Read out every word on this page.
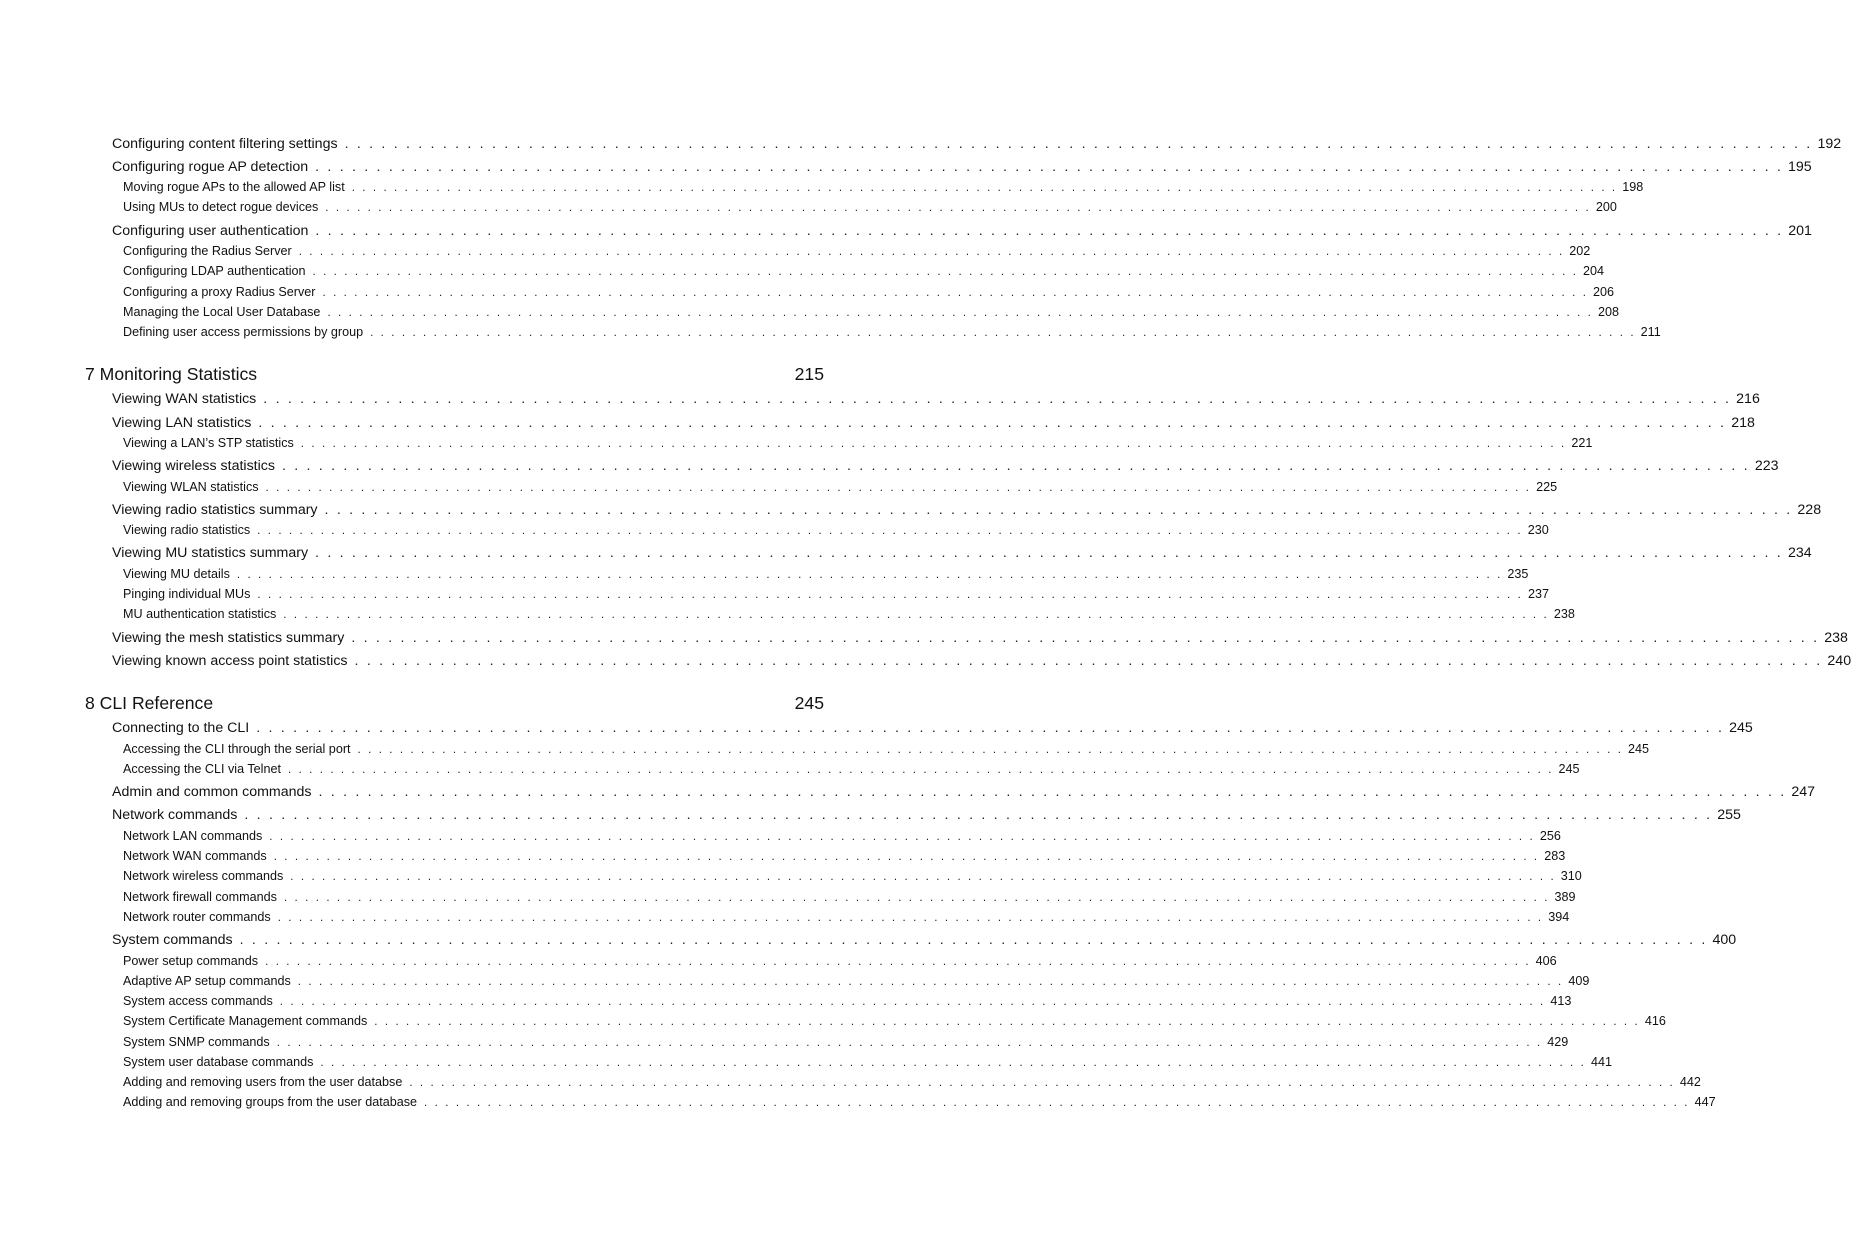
Configuring content filtering settings . . . . . . . . . . . . . . . . . . . . . . . . . . . . . . . . . . . . . . . . . . . . . . . . . . . . . . . . . . . . . . . . . . . . . . . . . . . . . . . . . . . . . . . . . . . . . . . . . . . . . . . . . . . . . . . . . . . . . . . . 192
Configuring rogue AP detection . . . . . . . . . . . . . . . . . . . . . . . . . . . . . . . . . . . . . . . . . . . . . . . . . . . . . . . . . . . . . . . . . . . . . . . . . . . . . . . . . . . . . . . . . . . . . . . . . . . . . . . . . . . . . . . . . . . . . . . . 195
Moving rogue APs to the allowed AP list . . . . . . . . . . . . . . . . . . . . . . . . . . . . . . . . . . . . . . . . . . . . . . . . . . . . . . . . . . . . . . . . . . . . . . . . . . . . . . . . . . . . . . . . . . . . . . . . . . . . . . . . . . . . . . . . . . . . . . . . 198
Using MUs to detect rogue devices . . . . . . . . . . . . . . . . . . . . . . . . . . . . . . . . . . . . . . . . . . . . . . . . . . . . . . . . . . . . . . . . . . . . . . . . . . . . . . . . . . . . . . . . . . . . . . . . . . . . . . . . . . . . . . . . . . . . . . . . 200
Configuring user authentication . . . . . . . . . . . . . . . . . . . . . . . . . . . . . . . . . . . . . . . . . . . . . . . . . . . . . . . . . . . . . . . . . . . . . . . . . . . . . . . . . . . . . . . . . . . . . . . . . . . . . . . . . . . . . . . . . . . . . . . . 201
Configuring the Radius Server . . . . . . . . . . . . . . . . . . . . . . . . . . . . . . . . . . . . . . . . . . . . . . . . . . . . . . . . . . . . . . . . . . . . . . . . . . . . . . . . . . . . . . . . . . . . . . . . . . . . . . . . . . . . . . . . . . . . . . . . 202
Configuring LDAP authentication . . . . . . . . . . . . . . . . . . . . . . . . . . . . . . . . . . . . . . . . . . . . . . . . . . . . . . . . . . . . . . . . . . . . . . . . . . . . . . . . . . . . . . . . . . . . . . . . . . . . . . . . . . . . . . . . . . . . . . . . 204
Configuring a proxy Radius Server . . . . . . . . . . . . . . . . . . . . . . . . . . . . . . . . . . . . . . . . . . . . . . . . . . . . . . . . . . . . . . . . . . . . . . . . . . . . . . . . . . . . . . . . . . . . . . . . . . . . . . . . . . . . . . . . . . . . . . . . 206
Managing the Local User Database . . . . . . . . . . . . . . . . . . . . . . . . . . . . . . . . . . . . . . . . . . . . . . . . . . . . . . . . . . . . . . . . . . . . . . . . . . . . . . . . . . . . . . . . . . . . . . . . . . . . . . . . . . . . . . . . . . . . . . . . 208
Defining user access permissions by group . . . . . . . . . . . . . . . . . . . . . . . . . . . . . . . . . . . . . . . . . . . . . . . . . . . . . . . . . . . . . . . . . . . . . . . . . . . . . . . . . . . . . . . . . . . . . . . . . . . . . . . . . . . . . . . . . . . . . . . . 211
7 Monitoring Statistics	215
Viewing WAN statistics . . . . . . . . . . . . . . . . . . . . . . . . . . . . . . . . . . . . . . . . . . . . . . . . . . . . . . . . . . . . . . . . . . . . . . . . . . . . . . . . . . . . . . . . . . . . . . . . . . . . . . . . . . . . . . . . . . . . . . . . 216
Viewing LAN statistics . . . . . . . . . . . . . . . . . . . . . . . . . . . . . . . . . . . . . . . . . . . . . . . . . . . . . . . . . . . . . . . . . . . . . . . . . . . . . . . . . . . . . . . . . . . . . . . . . . . . . . . . . . . . . . . . . . . . . . . . 218
Viewing a LAN’s STP statistics . . . . . . . . . . . . . . . . . . . . . . . . . . . . . . . . . . . . . . . . . . . . . . . . . . . . . . . . . . . . . . . . . . . . . . . . . . . . . . . . . . . . . . . . . . . . . . . . . . . . . . . . . . . . . . . . . . . . . . . . 221
Viewing wireless statistics . . . . . . . . . . . . . . . . . . . . . . . . . . . . . . . . . . . . . . . . . . . . . . . . . . . . . . . . . . . . . . . . . . . . . . . . . . . . . . . . . . . . . . . . . . . . . . . . . . . . . . . . . . . . . . . . . . . . . . . . 223
Viewing WLAN statistics . . . . . . . . . . . . . . . . . . . . . . . . . . . . . . . . . . . . . . . . . . . . . . . . . . . . . . . . . . . . . . . . . . . . . . . . . . . . . . . . . . . . . . . . . . . . . . . . . . . . . . . . . . . . . . . . . . . . . . . . 225
Viewing radio statistics summary . . . . . . . . . . . . . . . . . . . . . . . . . . . . . . . . . . . . . . . . . . . . . . . . . . . . . . . . . . . . . . . . . . . . . . . . . . . . . . . . . . . . . . . . . . . . . . . . . . . . . . . . . . . . . . . . . . . . . . . . 228
Viewing radio statistics . . . . . . . . . . . . . . . . . . . . . . . . . . . . . . . . . . . . . . . . . . . . . . . . . . . . . . . . . . . . . . . . . . . . . . . . . . . . . . . . . . . . . . . . . . . . . . . . . . . . . . . . . . . . . . . . . . . . . . . . 230
Viewing MU statistics summary . . . . . . . . . . . . . . . . . . . . . . . . . . . . . . . . . . . . . . . . . . . . . . . . . . . . . . . . . . . . . . . . . . . . . . . . . . . . . . . . . . . . . . . . . . . . . . . . . . . . . . . . . . . . . . . . . . . . . . . . 234
Viewing MU details . . . . . . . . . . . . . . . . . . . . . . . . . . . . . . . . . . . . . . . . . . . . . . . . . . . . . . . . . . . . . . . . . . . . . . . . . . . . . . . . . . . . . . . . . . . . . . . . . . . . . . . . . . . . . . . . . . . . . . . . 235
Pinging individual MUs . . . . . . . . . . . . . . . . . . . . . . . . . . . . . . . . . . . . . . . . . . . . . . . . . . . . . . . . . . . . . . . . . . . . . . . . . . . . . . . . . . . . . . . . . . . . . . . . . . . . . . . . . . . . . . . . . . . . . . . . 237
MU authentication statistics . . . . . . . . . . . . . . . . . . . . . . . . . . . . . . . . . . . . . . . . . . . . . . . . . . . . . . . . . . . . . . . . . . . . . . . . . . . . . . . . . . . . . . . . . . . . . . . . . . . . . . . . . . . . . . . . . . . . . . . . 238
Viewing the mesh statistics summary . . . . . . . . . . . . . . . . . . . . . . . . . . . . . . . . . . . . . . . . . . . . . . . . . . . . . . . . . . . . . . . . . . . . . . . . . . . . . . . . . . . . . . . . . . . . . . . . . . . . . . . . . . . . . . . . . . . . . . . . 238
Viewing known access point statistics . . . . . . . . . . . . . . . . . . . . . . . . . . . . . . . . . . . . . . . . . . . . . . . . . . . . . . . . . . . . . . . . . . . . . . . . . . . . . . . . . . . . . . . . . . . . . . . . . . . . . . . . . . . . . . . . . . . . . . . . 240
8 CLI Reference	245
Connecting to the CLI . . . . . . . . . . . . . . . . . . . . . . . . . . . . . . . . . . . . . . . . . . . . . . . . . . . . . . . . . . . . . . . . . . . . . . . . . . . . . . . . . . . . . . . . . . . . . . . . . . . . . . . . . . . . . . . . . . . . . . . . 245
Accessing the CLI through the serial port . . . . . . . . . . . . . . . . . . . . . . . . . . . . . . . . . . . . . . . . . . . . . . . . . . . . . . . . . . . . . . . . . . . . . . . . . . . . . . . . . . . . . . . . . . . . . . . . . . . . . . . . . . . . . . . . . . . . . . . . 245
Accessing the CLI via Telnet . . . . . . . . . . . . . . . . . . . . . . . . . . . . . . . . . . . . . . . . . . . . . . . . . . . . . . . . . . . . . . . . . . . . . . . . . . . . . . . . . . . . . . . . . . . . . . . . . . . . . . . . . . . . . . . . . . . . . . . . 245
Admin and common commands . . . . . . . . . . . . . . . . . . . . . . . . . . . . . . . . . . . . . . . . . . . . . . . . . . . . . . . . . . . . . . . . . . . . . . . . . . . . . . . . . . . . . . . . . . . . . . . . . . . . . . . . . . . . . . . . . . . . . . . . 247
Network commands . . . . . . . . . . . . . . . . . . . . . . . . . . . . . . . . . . . . . . . . . . . . . . . . . . . . . . . . . . . . . . . . . . . . . . . . . . . . . . . . . . . . . . . . . . . . . . . . . . . . . . . . . . . . . . . . . . . . . . . . 255
Network LAN commands . . . . . . . . . . . . . . . . . . . . . . . . . . . . . . . . . . . . . . . . . . . . . . . . . . . . . . . . . . . . . . . . . . . . . . . . . . . . . . . . . . . . . . . . . . . . . . . . . . . . . . . . . . . . . . . . . . . . . . . . 256
Network WAN commands . . . . . . . . . . . . . . . . . . . . . . . . . . . . . . . . . . . . . . . . . . . . . . . . . . . . . . . . . . . . . . . . . . . . . . . . . . . . . . . . . . . . . . . . . . . . . . . . . . . . . . . . . . . . . . . . . . . . . . . . 283
Network wireless commands . . . . . . . . . . . . . . . . . . . . . . . . . . . . . . . . . . . . . . . . . . . . . . . . . . . . . . . . . . . . . . . . . . . . . . . . . . . . . . . . . . . . . . . . . . . . . . . . . . . . . . . . . . . . . . . . . . . . . . . . 310
Network firewall commands . . . . . . . . . . . . . . . . . . . . . . . . . . . . . . . . . . . . . . . . . . . . . . . . . . . . . . . . . . . . . . . . . . . . . . . . . . . . . . . . . . . . . . . . . . . . . . . . . . . . . . . . . . . . . . . . . . . . . . . . 389
Network router commands . . . . . . . . . . . . . . . . . . . . . . . . . . . . . . . . . . . . . . . . . . . . . . . . . . . . . . . . . . . . . . . . . . . . . . . . . . . . . . . . . . . . . . . . . . . . . . . . . . . . . . . . . . . . . . . . . . . . . . . . 394
System commands . . . . . . . . . . . . . . . . . . . . . . . . . . . . . . . . . . . . . . . . . . . . . . . . . . . . . . . . . . . . . . . . . . . . . . . . . . . . . . . . . . . . . . . . . . . . . . . . . . . . . . . . . . . . . . . . . . . . . . . . 400
Power setup commands . . . . . . . . . . . . . . . . . . . . . . . . . . . . . . . . . . . . . . . . . . . . . . . . . . . . . . . . . . . . . . . . . . . . . . . . . . . . . . . . . . . . . . . . . . . . . . . . . . . . . . . . . . . . . . . . . . . . . . . . 406
Adaptive AP setup commands . . . . . . . . . . . . . . . . . . . . . . . . . . . . . . . . . . . . . . . . . . . . . . . . . . . . . . . . . . . . . . . . . . . . . . . . . . . . . . . . . . . . . . . . . . . . . . . . . . . . . . . . . . . . . . . . . . . . . . . . 409
System access commands . . . . . . . . . . . . . . . . . . . . . . . . . . . . . . . . . . . . . . . . . . . . . . . . . . . . . . . . . . . . . . . . . . . . . . . . . . . . . . . . . . . . . . . . . . . . . . . . . . . . . . . . . . . . . . . . . . . . . . . . 413
System Certificate Management commands . . . . . . . . . . . . . . . . . . . . . . . . . . . . . . . . . . . . . . . . . . . . . . . . . . . . . . . . . . . . . . . . . . . . . . . . . . . . . . . . . . . . . . . . . . . . . . . . . . . . . . . . . . . . . . . . . . . . . . . . 416
System SNMP commands . . . . . . . . . . . . . . . . . . . . . . . . . . . . . . . . . . . . . . . . . . . . . . . . . . . . . . . . . . . . . . . . . . . . . . . . . . . . . . . . . . . . . . . . . . . . . . . . . . . . . . . . . . . . . . . . . . . . . . . . 429
System user database commands . . . . . . . . . . . . . . . . . . . . . . . . . . . . . . . . . . . . . . . . . . . . . . . . . . . . . . . . . . . . . . . . . . . . . . . . . . . . . . . . . . . . . . . . . . . . . . . . . . . . . . . . . . . . . . . . . . . . . . . . 441
Adding and removing users from the user databse . . . . . . . . . . . . . . . . . . . . . . . . . . . . . . . . . . . . . . . . . . . . . . . . . . . . . . . . . . . . . . . . . . . . . . . . . . . . . . . . . . . . . . . . . . . . . . . . . . . . . . . . . . . . . . . . . . . . . . . . 442
Adding and removing groups from the user database . . . . . . . . . . . . . . . . . . . . . . . . . . . . . . . . . . . . . . . . . . . . . . . . . . . . . . . . . . . . . . . . . . . . . . . . . . . . . . . . . . . . . . . . . . . . . . . . . . . . . . . . . . . . . . . . . . . . . . . . 447
